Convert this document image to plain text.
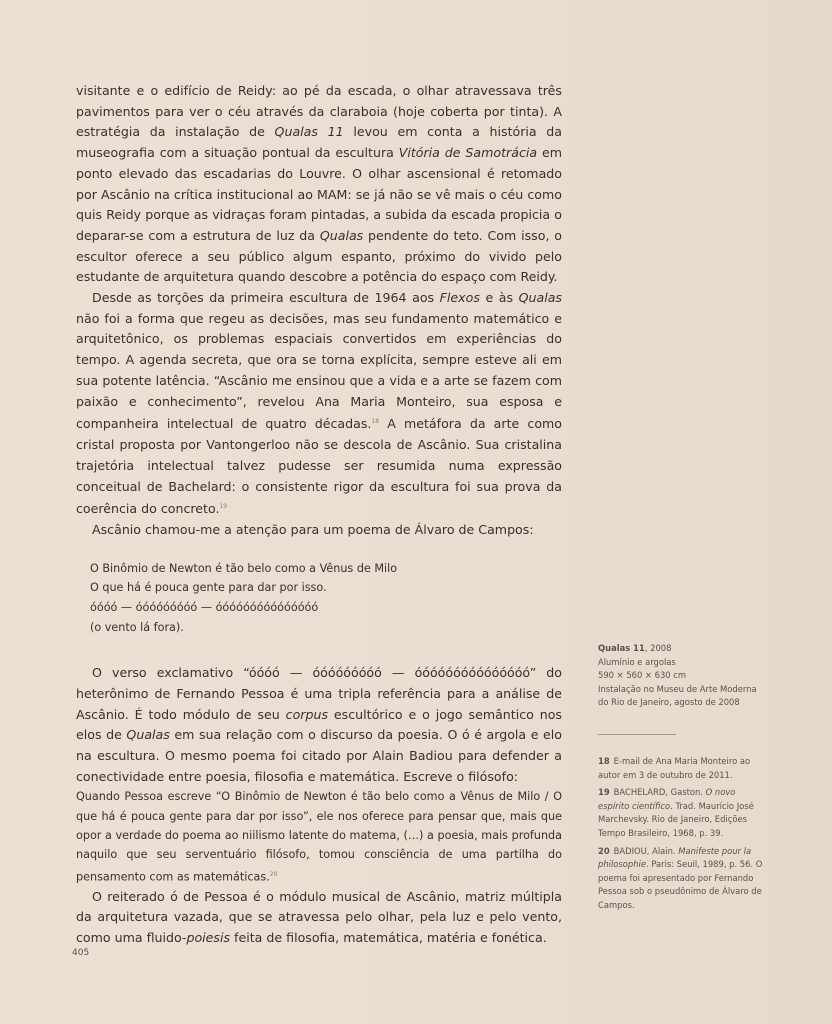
visitante e o edifício de Reidy: ao pé da escada, o olhar atravessava três pavimentos para ver o céu através da claraboia (hoje coberta por tinta). A estratégia da instalação de Qualas 11 levou em conta a história da museografia com a situação pontual da escultura Vitória de Samotrácia em ponto elevado das escadarias do Louvre. O olhar ascensional é retomado por Ascânio na crítica institucional ao MAM: se já não se vê mais o céu como quis Reidy porque as vidraças foram pintadas, a subida da escada propicia o deparar-se com a estrutura de luz da Qualas pendente do teto. Com isso, o escultor oferece a seu público algum espanto, próximo do vivido pelo estudante de arquitetura quando descobre a potência do espaço com Reidy.

Desde as torções da primeira escultura de 1964 aos Flexos e às Qualas não foi a forma que regeu as decisões, mas seu fundamento matemático e arquitetônico, os problemas espaciais convertidos em experiências do tempo. A agenda secreta, que ora se torna explícita, sempre esteve ali em sua potente latência. “Ascânio me ensinou que a vida e a arte se fazem com paixão e conhecimento”, revelou Ana Maria Monteiro, sua esposa e companheira intelectual de quatro décadas.$^{18}$ A metáfora da arte como cristal proposta por Vantongerloo não se descola de Ascânio. Sua cristalina trajetória intelectual talvez pudesse ser resumida numa expressão conceitual de Bachelard: o consistente rigor da escultura foi sua prova da coerência do concreto.$^{19}$

Ascânio chamou-me a atenção para um poema de Álvaro de Campos:

O Binômio de Newton é tão belo como a Vênus de Milo
O que há é pouca gente para dar por isso.
óóóó — óóóóóóóóó — óóóóóóóóóóóóóóó
(o vento lá fora).

O verso exclamativo “óóóó — óóóóóóóóó — óóóóóóóóóóóóóóó” do heterônimo de Fernando Pessoa é uma tripla referência para a análise de Ascânio. É todo módulo de seu corpus escultórico e o jogo semântico nos elos de Qualas em sua relação com o discurso da poesia. O ó é argola e elo na escultura. O mesmo poema foi citado por Alain Badiou para defender a conectividade entre poesia, filosofia e matemática. Escreve o filósofo:

Quando Pessoa escreve “O Binômio de Newton é tão belo como a Vênus de Milo / O que há é pouca gente para dar por isso”, ele nos oferece para pensar que, mais que opor a verdade do poema ao niilismo latente do matema, (…) a poesia, mais profunda naquilo que seu serventuário filósofo, tomou consciência de uma partilha do pensamento com as matemáticas.$^{20}$

O reiterado ó de Pessoa é o módulo musical de Ascânio, matriz múltipla da arquitetura vazada, que se atravessa pelo olhar, pela luz e pelo vento, como uma fluido-poiesis feita de filosofia, matemática, matéria e fonética.

Qualas 11, 2008
Alumínio e argolas
590 × 560 × 630 cm
Instalação no Museu de Arte Moderna do Rio de Janeiro, agosto de 2008
18 E-mail de Ana Maria Monteiro ao autor em 3 de outubro de 2011.
19 BACHELARD, Gaston. O novo espírito científico. Trad. Maurício José Marchevsky. Rio de Janeiro, Edições Tempo Brasileiro, 1968, p. 39.
20 BADIOU, Alain. Manifeste pour la philosophie. Paris: Seuil, 1989, p. 56. O poema foi apresentado por Fernando Pessoa sob o pseudônimo de Álvaro de Campos.
405
